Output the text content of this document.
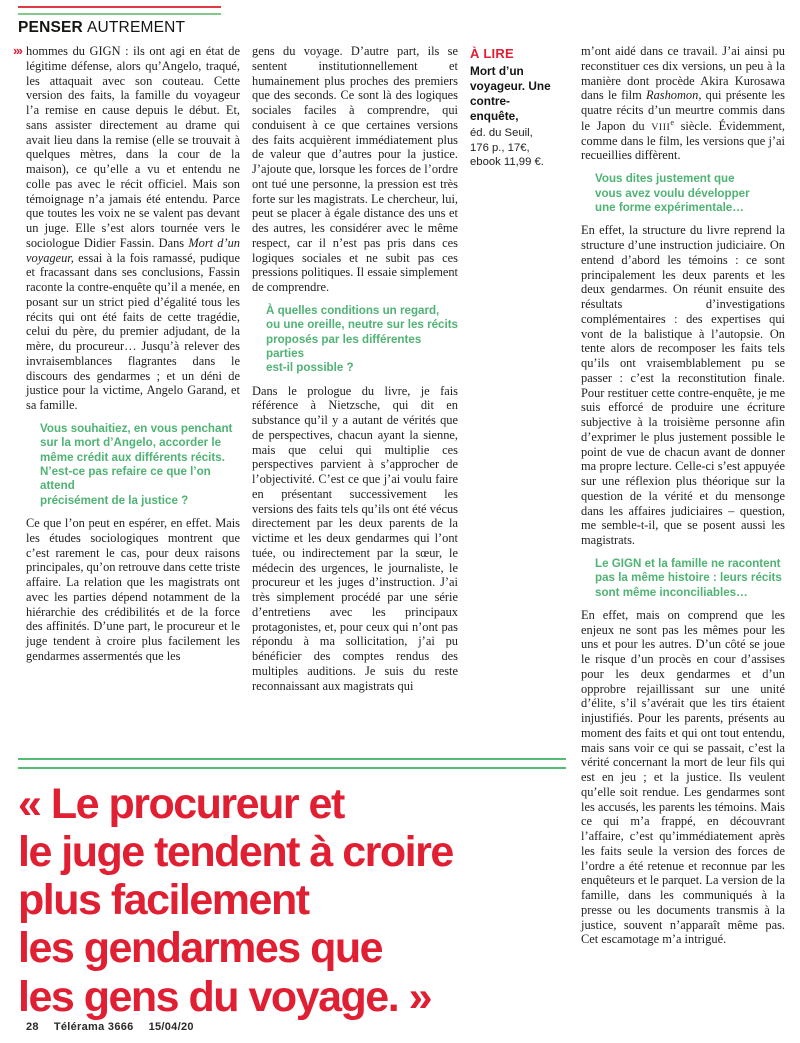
PENSER AUTREMENT
››› hommes du GIGN : ils ont agi en état de légitime défense, alors qu’Angelo, traqué, les attaquait avec son couteau. Cette version des faits, la famille du voyageur l’a remise en cause depuis le début. Et, sans assister directement au drame qui avait lieu dans la remise (elle se trouvait à quelques mètres, dans la cour de la maison), ce qu’elle a vu et entendu ne colle pas avec le récit officiel. Mais son témoignage n’a jamais été entendu. Parce que toutes les voix ne se valent pas devant un juge. Elle s’est alors tournée vers le sociologue Didier Fassin. Dans Mort d’un voyageur, essai à la fois ramassé, pudique et fracassant dans ses conclusions, Fassin raconte la contre-enquête qu’il a menée, en posant sur un strict pied d’égalité tous les récits qui ont été faits de cette tragédie, celui du père, du premier adjudant, de la mère, du procureur… Jusqu’à relever des invraisemblances flagrantes dans le discours des gendarmes ; et un déni de justice pour la victime, Angelo Garand, et sa famille.

Vous souhaitiez, en vous penchant
sur la mort d’Angelo, accorder le
même crédit aux différents récits.
N’est-ce pas refaire ce que l’on attend
précisément de la justice ?

Ce que l’on peut en espérer, en effet. Mais les études sociologiques montrent que c’est rarement le cas, pour deux raisons principales, qu’on retrouve dans cette triste affaire. La relation que les magistrats ont avec les parties dépend notamment de la hiérarchie des crédibilités et de la force des affinités. D’une part, le procureur et le juge tendent à croire plus facilement les gendarmes assermentés que les

gens du voyage. D’autre part, ils se sentent institutionnellement et humainement plus proches des premiers que des seconds. Ce sont là des logiques sociales faciles à comprendre, qui conduisent à ce que certaines versions des faits acquièrent immédiatement plus de valeur que d’autres pour la justice. J’ajoute que, lorsque les forces de l’ordre ont tué une personne, la pression est très forte sur les magistrats. Le chercheur, lui, peut se placer à égale distance des uns et des autres, les considérer avec le même respect, car il n’est pas pris dans ces logiques sociales et ne subit pas ces pressions politiques. Il essaie simplement de comprendre.

À quelles conditions un regard,
ou une oreille, neutre sur les récits
proposés par les différentes parties
est-il possible ?

Dans le prologue du livre, je fais référence à Nietzsche, qui dit en substance qu’il y a autant de vérités que de perspectives, chacun ayant la sienne, mais que celui qui multiplie ces perspectives parvient à s’approcher de l’objectivité. C’est ce que j’ai voulu faire en présentant successivement les versions des faits tels qu’ils ont été vécus directement par les deux parents de la victime et les deux gendarmes qui l’ont tuée, ou indirectement par la sœur, le médecin des urgences, le journaliste, le procureur et les juges d’instruction. J’ai très simplement procédé par une série d’entretiens avec les principaux protagonistes, et, pour ceux qui n’ont pas répondu à ma sollicitation, j’ai pu bénéficier des comptes rendus des multiples auditions. Je suis du reste reconnaissant aux magistrats qui

À LIRE
Mort d’un voyageur. Une contre-enquête,
éd. du Seuil,
176 p., 17€,
ebook 11,99 €.

m’ont aidé dans ce travail. J’ai ainsi pu reconstituer ces dix versions, un peu à la manière dont procède Akira Kurosawa dans le film Rashomon, qui présente les quatre récits d’un meurtre commis dans le Japon du VIIIe siècle. Évidemment, comme dans le film, les versions que j’ai recueillies diffèrent.

Vous dites justement que
vous avez voulu développer
une forme expérimentale…

En effet, la structure du livre reprend la structure d’une instruction judiciaire. On entend d’abord les témoins : ce sont principalement les deux parents et les deux gendarmes. On réunit ensuite des résultats d’investigations complémentaires : des expertises qui vont de la balistique à l’autopsie. On tente alors de recomposer les faits tels qu’ils ont vraisemblablement pu se passer : c’est la reconstitution finale. Pour restituer cette contre-enquête, je me suis efforcé de produire une écriture subjective à la troisième personne afin d’exprimer le plus justement possible le point de vue de chacun avant de donner ma propre lecture. Celle-ci s’est appuyée sur une réflexion plus théorique sur la question de la vérité et du mensonge dans les affaires judiciaires – question, me semble-t-il, que se posent aussi les magistrats.

Le GIGN et la famille ne racontent
pas la même histoire : leurs récits
sont même inconciliables…

En effet, mais on comprend que les enjeux ne sont pas les mêmes pour les uns et pour les autres. D’un côté se joue le risque d’un procès en cour d’assises pour les deux gendarmes et d’un opprobre rejaillissant sur une unité d’élite, s’il s’avérait que les tirs étaient injustifiés. Pour les parents, présents au moment des faits et qui ont tout entendu, mais sans voir ce qui se passait, c’est la vérité concernant la mort de leur fils qui est en jeu ; et la justice. Ils veulent qu’elle soit rendue. Les gendarmes sont les accusés, les parents les témoins. Mais ce qui m’a frappé, en découvrant l’affaire, c’est qu’immédiatement après les faits seule la version des forces de l’ordre a été retenue et reconnue par les enquêteurs et le parquet. La version de la famille, dans les communiqués à la presse ou les documents transmis à la justice, souvent n’apparaît même pas. Cet escamotage m’a intrigué.

« Le procureur et
le juge tendent à croire
plus facilement
les gendarmes que
les gens du voyage. »
28 Télérama 3666 15/04/20
